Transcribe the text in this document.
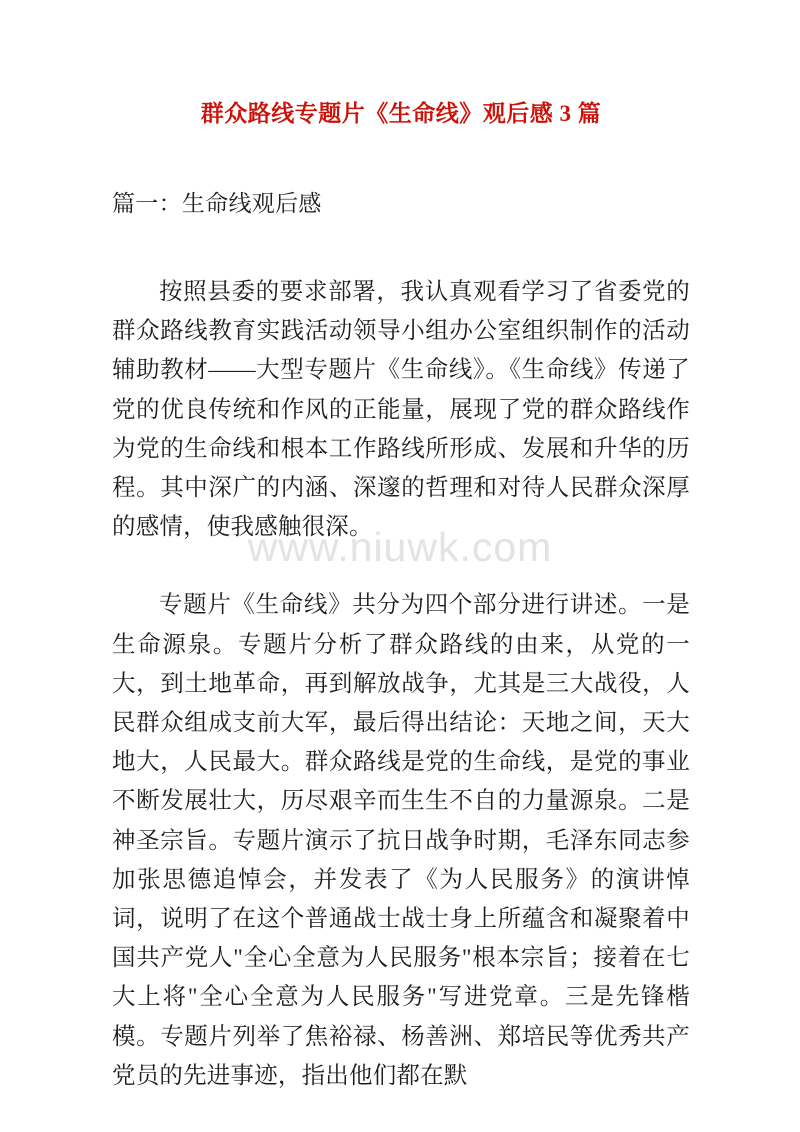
www.niuwk.com
群众路线专题片《生命线》观后感 3 篇

篇一：生命线观后感

按照县委的要求部署，我认真观看学习了省委党的群众路线教育实践活动领导小组办公室组织制作的活动辅助教材——大型专题片《生命线》。《生命线》传递了党的优良传统和作风的正能量，展现了党的群众路线作为党的生命线和根本工作路线所形成、发展和升华的历程。其中深广的内涵、深邃的哲理和对待人民群众深厚的感情，使我感触很深。

专题片《生命线》共分为四个部分进行讲述。一是生命源泉。专题片分析了群众路线的由来，从党的一大，到土地革命，再到解放战争，尤其是三大战役，人民群众组成支前大军，最后得出结论：天地之间，天大地大，人民最大。群众路线是党的生命线，是党的事业不断发展壮大，历尽艰辛而生生不自的力量源泉。二是神圣宗旨。专题片演示了抗日战争时期，毛泽东同志参加张思德追悼会，并发表了《为人民服务》的演讲悼词，说明了在这个普通战士战士身上所蕴含和凝聚着中国共产党人"全心全意为人民服务"根本宗旨；接着在七大上将"全心全意为人民服务"写进党章。三是先锋楷模。专题片列举了焦裕禄、杨善洲、郑培民等优秀共产党员的先进事迹，指出他们都在默
